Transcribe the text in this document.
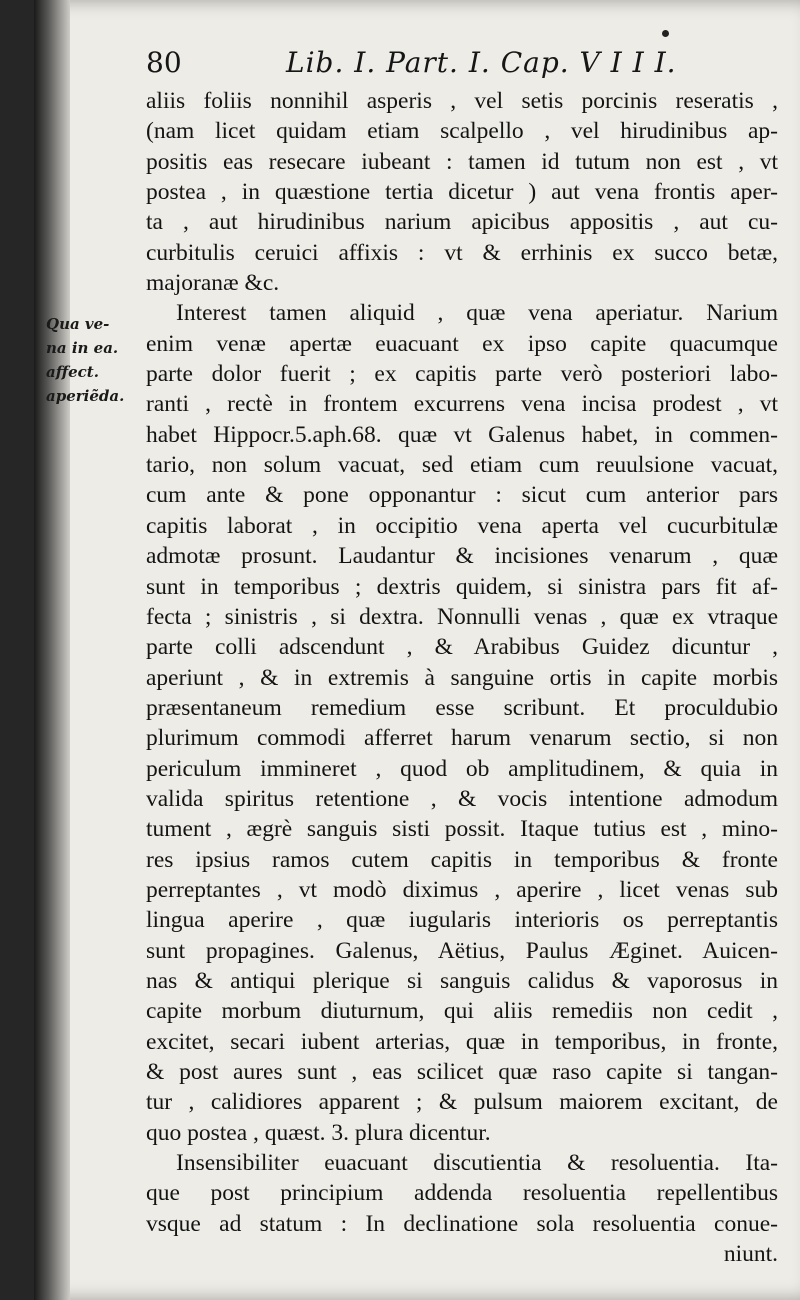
80	Lib. I. Part. I. Cap. V I I I.
Qua ve-
na in ea.
affect.
aperiẽda.
aliis foliis nonnihil asperis , vel setis porcinis reseratis ,
(nam licet quidam etiam scalpello , vel hirudinibus ap-
positis eas resecare iubeant : tamen id tutum non est , vt
postea , in quæstione tertia dicetur ) aut vena frontis aper-
ta , aut hirudinibus narium apicibus appositis , aut cu-
curbitulis ceruici affixis : vt & errhinis ex succo betæ,
majoranæ &c.
Interest tamen aliquid , quæ vena aperiatur. Narium
enim venæ apertæ euacuant ex ipso capite quacumque
parte dolor fuerit ; ex capitis parte verò posteriori labo-
ranti , rectè in frontem excurrens vena incisa prodest , vt
habet Hippocr.5.aph.68. quæ vt Galenus habet, in commen-
tario, non solum vacuat, sed etiam cum reuulsione vacuat,
cum ante & pone opponantur : sicut cum anterior pars
capitis laborat , in occipitio vena aperta vel cucurbitulæ
admotæ prosunt. Laudantur & incisiones venarum , quæ
sunt in temporibus ; dextris quidem, si sinistra pars fit af-
fecta ; sinistris , si dextra. Nonnulli venas , quæ ex vtraque
parte colli adscendunt , & Arabibus Guidez dicuntur ,
aperiunt , & in extremis à sanguine ortis in capite morbis
præsentaneum remedium esse scribunt. Et proculdubio
plurimum commodi afferret harum venarum sectio, si non
periculum immineret , quod ob amplitudinem, & quia in
valida spiritus retentione , & vocis intentione admodum
tument , ægrè sanguis sisti possit. Itaque tutius est , mino-
res ipsius ramos cutem capitis in temporibus & fronte
perreptantes , vt modò diximus , aperire , licet venas sub
lingua aperire , quæ iugularis interioris os perreptantis
sunt propagines. Galenus, Aëtius, Paulus Æginet. Auicen-
nas & antiqui plerique si sanguis calidus & vaporosus in
capite morbum diuturnum, qui aliis remediis non cedit ,
excitet, secari iubent arterias, quæ in temporibus, in fronte,
& post aures sunt , eas scilicet quæ raso capite si tangan-
tur , calidiores apparent ; & pulsum maiorem excitant, de
quo postea , quæst. 3. plura dicentur.
Insensibiliter euacuant discutientia & resoluentia. Ita-
que post principium addenda resoluentia repellentibus
vsque ad statum : In declinatione sola resoluentia conue-
niunt.
